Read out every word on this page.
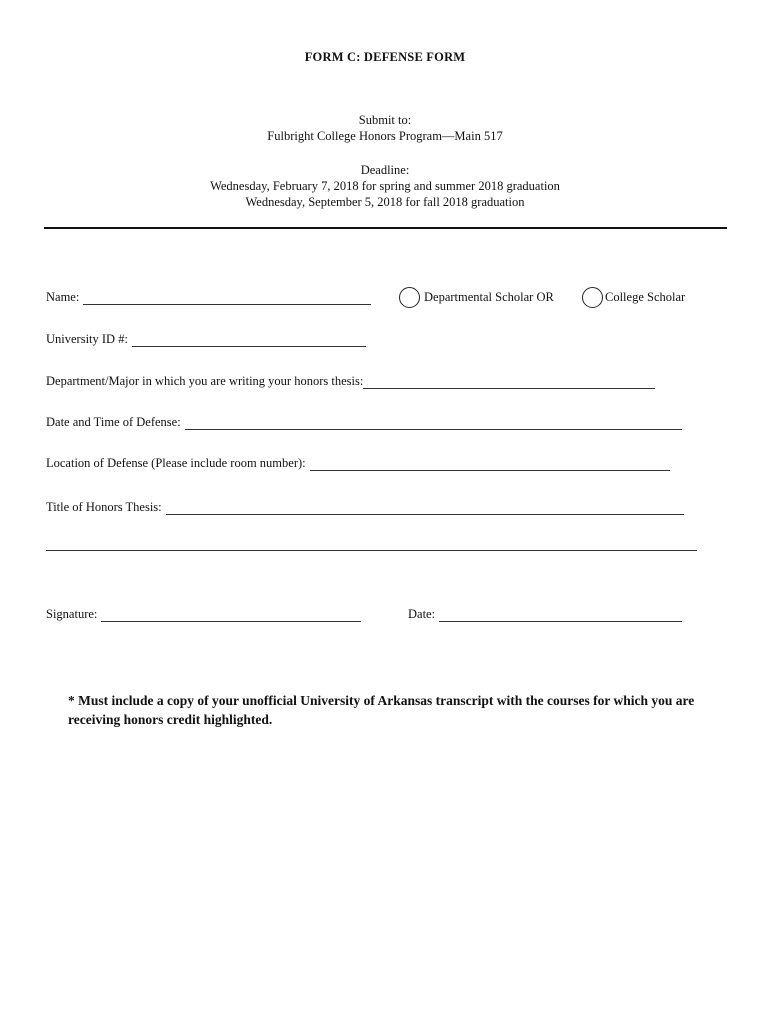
FORM C: DEFENSE FORM
Submit to:
Fulbright College Honors Program—Main 517
Deadline:
Wednesday, February 7, 2018 for spring and summer 2018 graduation
Wednesday, September 5, 2018 for fall 2018 graduation
Name:	Departmental Scholar OR	College Scholar
University ID #:
Department/Major in which you are writing your honors thesis:
Date and Time of Defense:
Location of Defense (Please include room number):
Title of Honors Thesis:
Signature:	Date:
* Must include a copy of your unofficial University of Arkansas transcript with the courses for which you are receiving honors credit highlighted.
